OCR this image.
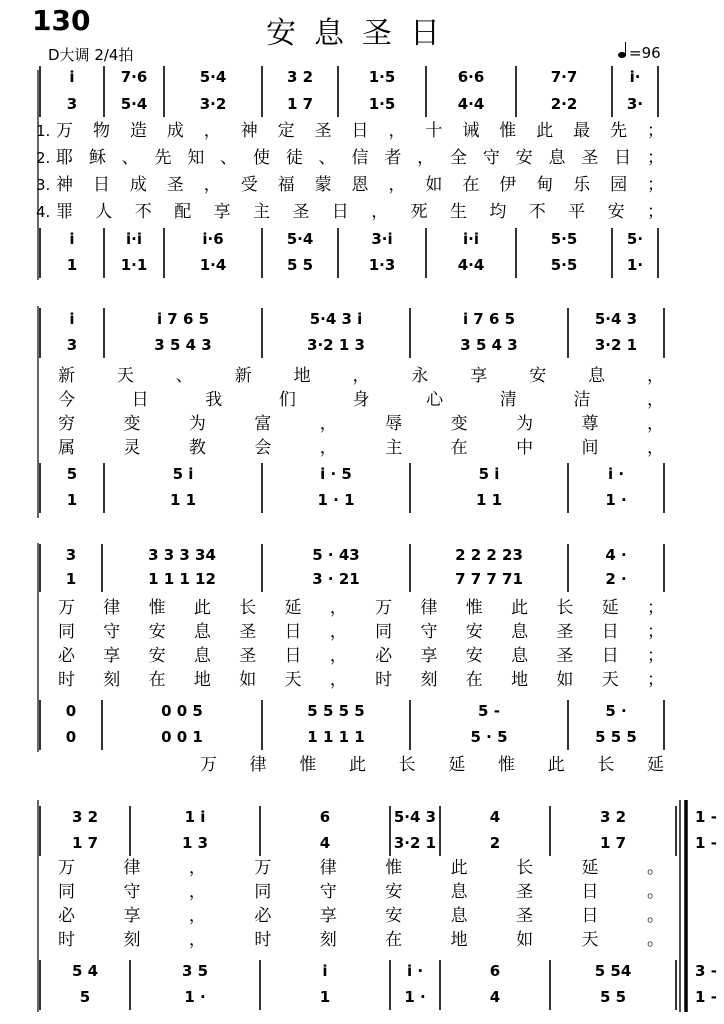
130	安息圣日
D大调 2/4拍	=96
i	7·6	5·4	3 2	1·5	6·6	7·7	i·
3	5·4	3·2	1 7	1·5	4·4	2·2	3·
i	i·i	i·6	5·4	3·i	i·i	5·5	5·
1	1·1	1·4	5 5	1·3	4·4	5·5	1·
1.
2.
3.
4.
万物造成，神定圣日，十诫惟此最先；
耶稣、先知、使徒、信者，全守安息圣日；
神日成圣，受福蒙恩，如在伊甸乐园；
罪人不配享主圣日，死生均不平安；
i	i 7 6 5	5·4 3 i	i 7 6 5	5·4 3
3	3 5 4 3	3·2 1 3	3 5 4 3	3·2 1
5	5 i	i · 5	5 i	i ·
1	1 1	1 · 1	1 1	1 ·
新天、新地，永享安息，
今日我们身心清洁，
穷变为富，辱变为尊，
属灵教会，主在中间，
3	3 3 3 34	5 · 43	2 2 2 23	4 ·
1	1 1 1 12	3 · 21	7 7 7 71	2 ·
0	0 0 5	5 5 5 5	5 -	5 ·
0	0 0 1	1 1 1 1	5 · 5	5 5 5
万律惟此长延，万律惟此长延；
同守安息圣日，同守安息圣日；
必享安息圣日，必享安息圣日；
时刻在地如天，时刻在地如天；
万律惟此长延惟此长延
3 2	1 i	6	5·4 3	4	3 2	1 -
1 7	1 3	4	3·2 1	2	1 7	1 -
5 4	3 5	i	i ·	6	5 54	3 -
5	1 ·	1	1 ·	4	5 5	1 -
万律，万律惟此长延。
同守，同守安息圣日。
必享，必享安息圣日。
时刻，时刻在地如天。
